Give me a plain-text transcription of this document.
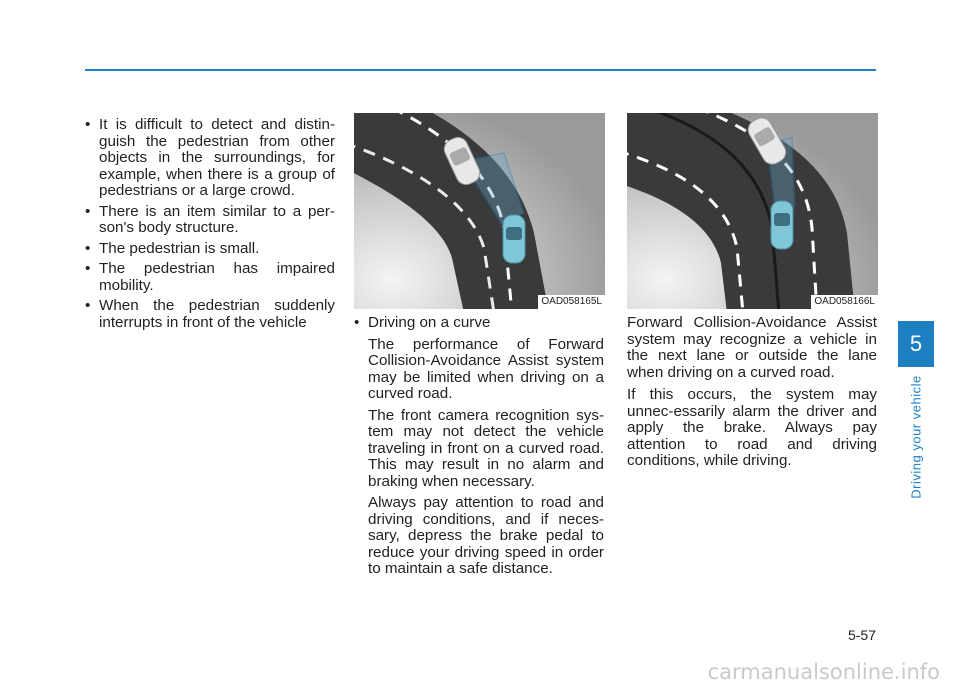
• It is difficult to detect and distin-guish the pedestrian from other objects in the surroundings, for example, when there is a group of pedestrians or a large crowd.
• There is an item similar to a per-son's body structure.
• The pedestrian is small.
• The pedestrian has impaired mobility.
• When the pedestrian suddenly interrupts in front of the vehicle
OAD058165L	OAD058166L
• Driving on a curve

The performance of Forward Collision-Avoidance Assist system may be limited when driving on a curved road.

The front camera recognition sys-tem may not detect the vehicle traveling in front on a curved road. This may result in no alarm and braking when necessary.

Always pay attention to road and driving conditions, and if neces-sary, depress the brake pedal to reduce your driving speed in order to maintain a safe distance.

Forward Collision-Avoidance Assist system may recognize a vehicle in the next lane or outside the lane when driving on a curved road.

If this occurs, the system may unnec-essarily alarm the driver and apply the brake. Always pay attention to road and driving conditions, while driving.

5
Driving your vehicle
5-57
carmanualsonline.info
